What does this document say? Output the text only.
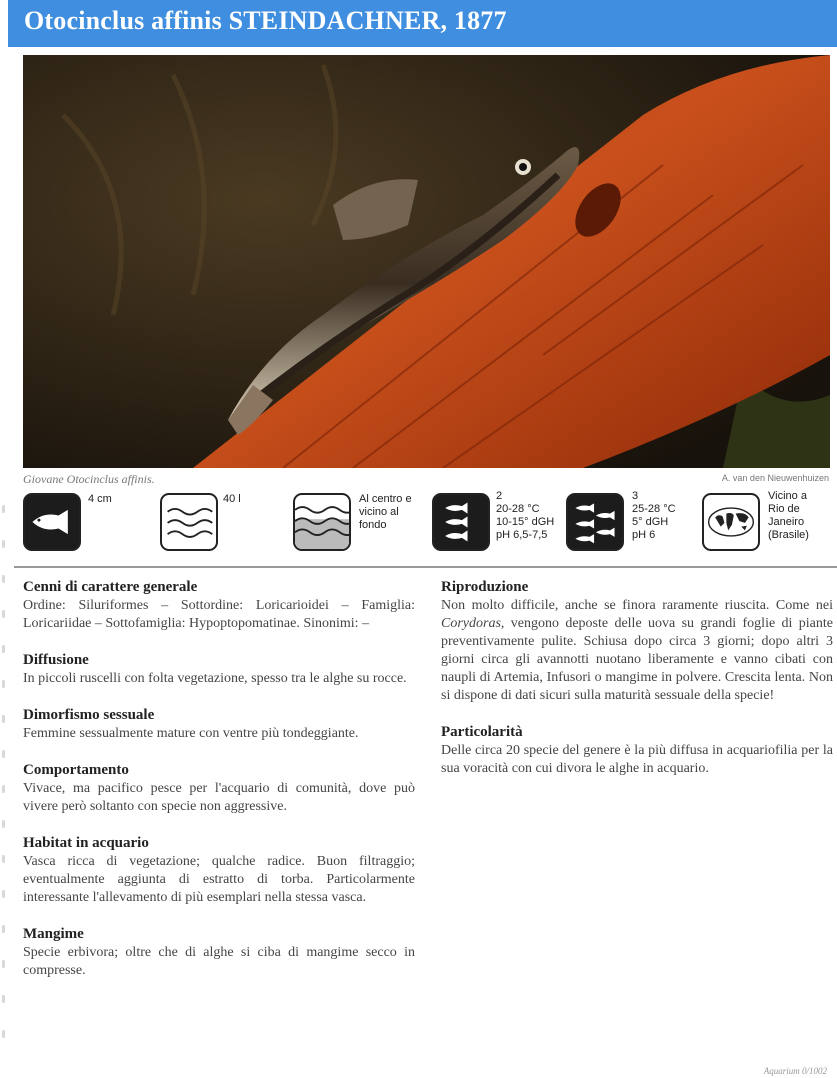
Otocinclus affinis STEINDACHNER, 1877
Giovane Otocinclus affinis.	A. van den Nieuwenhuizen
4 cm	40 l	Al centro e
vicino al
fondo
2
20-28 °C
10-15° dGH
pH 6,5-7,5
3
25-28 °C
5° dGH
pH 6
Vicino a
Rio de
Janeiro
(Brasile)
Cenni di carattere generale

Ordine: Siluriformes – Sottordine: Loricarioidei – Famiglia: Loricariidae – Sottofamiglia: Hypoptopomatinae. Sinonimi: –

Diffusione

In piccoli ruscelli con folta vegetazione, spesso tra le alghe su rocce.

Dimorfismo sessuale

Femmine sessualmente mature con ventre più tondeggiante.

Comportamento

Vivace, ma pacifico pesce per l'acquario di comunità, dove può vivere però soltanto con specie non aggressive.

Habitat in acquario

Vasca ricca di vegetazione; qualche radice. Buon filtraggio; eventualmente aggiunta di estratto di torba. Particolarmente interessante l'allevamento di più esemplari nella stessa vasca.

Mangime

Specie erbivora; oltre che di alghe si ciba di mangime secco in compresse.

Riproduzione

Non molto difficile, anche se finora raramente riuscita. Come nei Corydoras, vengono deposte delle uova su grandi foglie di piante preventivamente pulite. Schiusa dopo circa 3 giorni; dopo altri 3 giorni circa gli avannotti nuotano liberamente e vanno cibati con naupli di Artemia, Infusori o mangime in polvere. Crescita lenta. Non si dispone di dati sicuri sulla maturità sessuale della specie!

Particolarità

Delle circa 20 specie del genere è la più diffusa in acquariofilia per la sua voracità con cui divora le alghe in acquario.

Aquarium 0/1002
